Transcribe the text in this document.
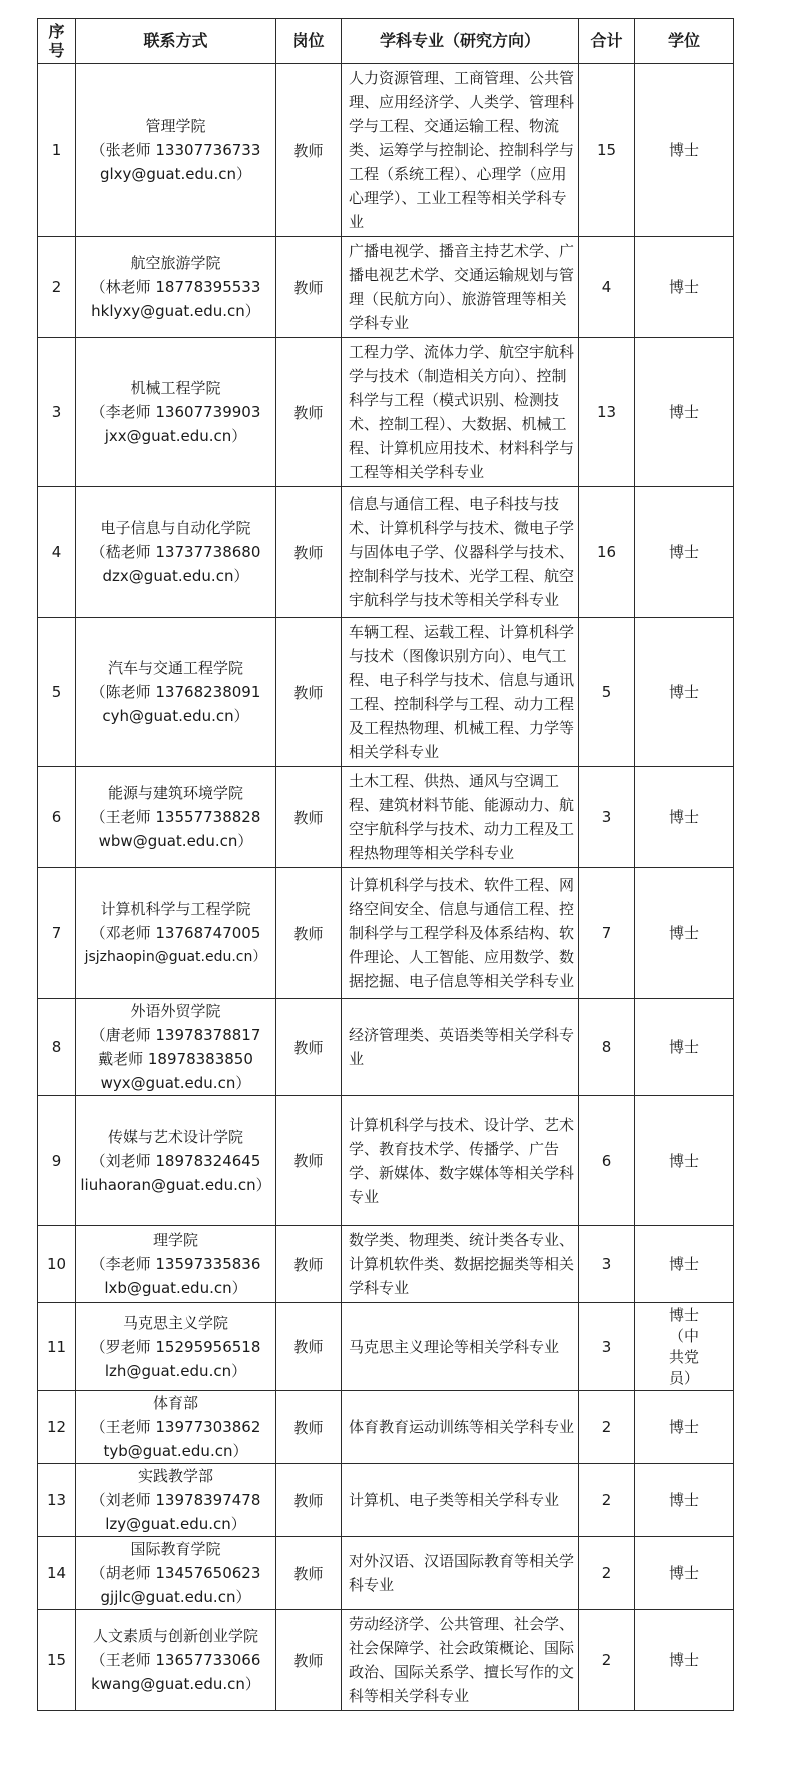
序
号	联系方式	岗位	学科专业（研究方向）	合计	学位
1	管理学院
（张老师 13307736733
glxy@guat.edu.cn）	教师	人力资源管理、工商管理、公共管理、应用经济学、人类学、管理科学与工程、交通运输工程、物流类、运筹学与控制论、控制科学与工程（系统工程）、心理学（应用心理学）、工业工程等相关学科专业	15	博士
2	航空旅游学院
（林老师 18778395533
hklyxy@guat.edu.cn）	教师	广播电视学、播音主持艺术学、广播电视艺术学、交通运输规划与管理（民航方向）、旅游管理等相关学科专业	4	博士
3	机械工程学院
（李老师 13607739903
jxx@guat.edu.cn）	教师	工程力学、流体力学、航空宇航科学与技术（制造相关方向）、控制科学与工程（模式识别、检测技术、控制工程）、大数据、机械工程、计算机应用技术、材料科学与工程等相关学科专业	13	博士
4	电子信息与自动化学院
（嵇老师 13737738680
dzx@guat.edu.cn）	教师	信息与通信工程、电子科技与技术、计算机科学与技术、微电子学与固体电子学、仪器科学与技术、控制科学与技术、光学工程、航空宇航科学与技术等相关学科专业	16	博士
5	汽车与交通工程学院
（陈老师 13768238091
cyh@guat.edu.cn）	教师	车辆工程、运载工程、计算机科学与技术（图像识别方向）、电气工程、电子科学与技术、信息与通讯工程、控制科学与工程、动力工程及工程热物理、机械工程、力学等相关学科专业	5	博士
6	能源与建筑环境学院
（王老师 13557738828
wbw@guat.edu.cn）	教师	土木工程、供热、通风与空调工程、建筑材料节能、能源动力、航空宇航科学与技术、动力工程及工程热物理等相关学科专业	3	博士
7	计算机科学与工程学院
（邓老师 13768747005
jsjzhaopin@guat.edu.cn）	教师	计算机科学与技术、软件工程、网络空间安全、信息与通信工程、控制科学与工程学科及体系结构、软件理论、人工智能、应用数学、数据挖掘、电子信息等相关学科专业	7	博士
8	外语外贸学院
（唐老师 13978378817
戴老师 18978383850
wyx@guat.edu.cn）	教师	经济管理类、英语类等相关学科专业	8	博士
9	传媒与艺术设计学院
（刘老师 18978324645
liuhaoran@guat.edu.cn）	教师	计算机科学与技术、设计学、艺术学、教育技术学、传播学、广告学、新媒体、数字媒体等相关学科专业	6	博士
10	理学院
（李老师 13597335836
lxb@guat.edu.cn）	教师	数学类、物理类、统计类各专业、计算机软件类、数据挖掘类等相关学科专业	3	博士
11	马克思主义学院
（罗老师 15295956518
lzh@guat.edu.cn）	教师	马克思主义理论等相关学科专业	3	博士（中共党员）
12	体育部
（王老师 13977303862
tyb@guat.edu.cn）	教师	体育教育运动训练等相关学科专业	2	博士
13	实践教学部
（刘老师 13978397478
lzy@guat.edu.cn）	教师	计算机、电子类等相关学科专业	2	博士
14	国际教育学院
（胡老师 13457650623
gjjlc@guat.edu.cn）	教师	对外汉语、汉语国际教育等相关学科专业	2	博士
15	人文素质与创新创业学院
（王老师 13657733066
kwang@guat.edu.cn）	教师	劳动经济学、公共管理、社会学、社会保障学、社会政策概论、国际政治、国际关系学、擅长写作的文科等相关学科专业	2	博士
